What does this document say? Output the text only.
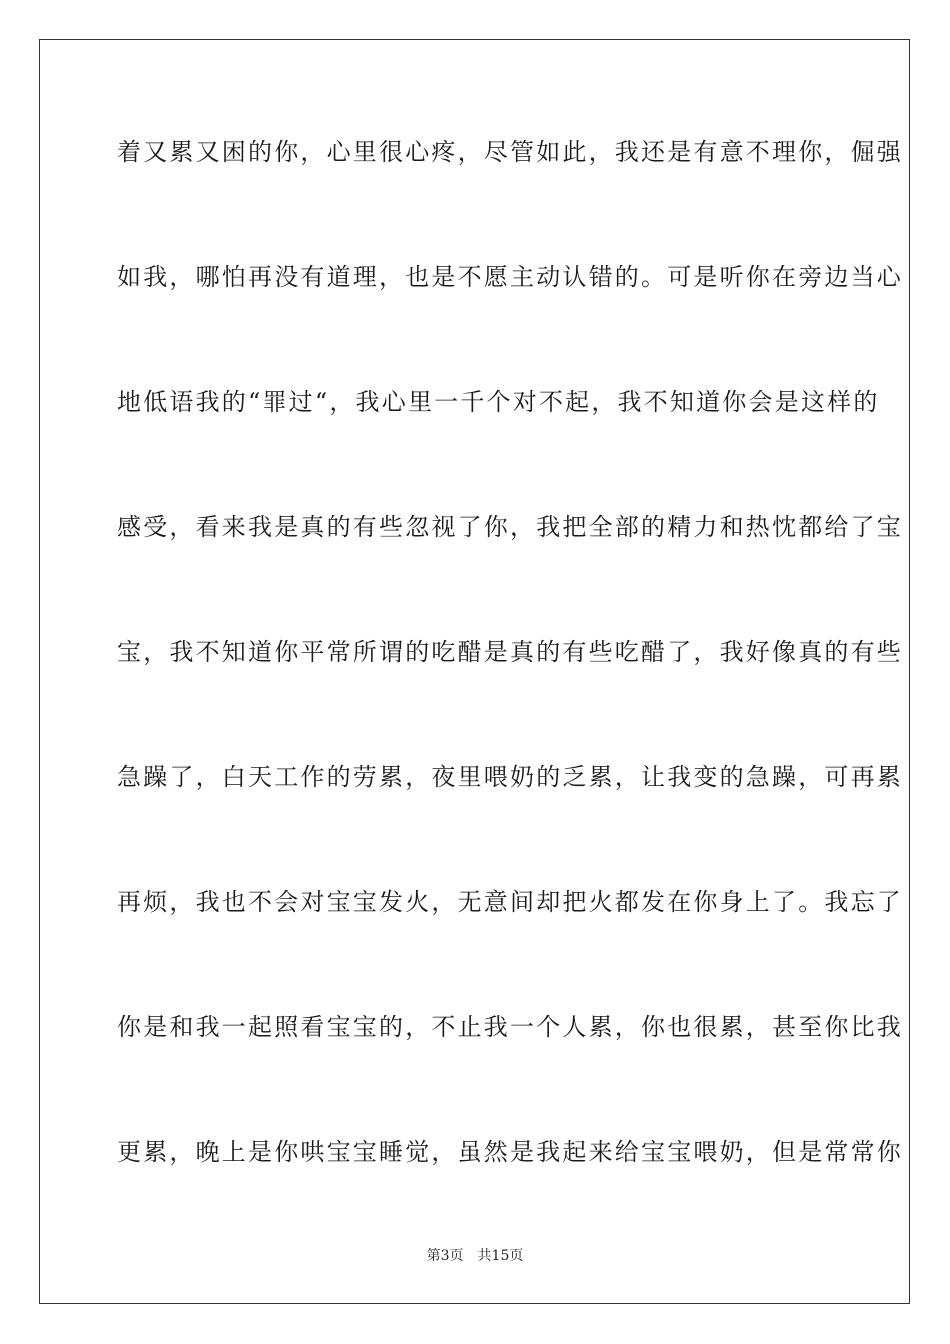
着又累又困的你，心里很心疼，尽管如此，我还是有意不理你，倔强
如我，哪怕再没有道理，也是不愿主动认错的。可是听你在旁边当心
地低语我的“罪过“，我心里一千个对不起，我不知道你会是这样的
感受，看来我是真的有些忽视了你，我把全部的精力和热忱都给了宝
宝，我不知道你平常所谓的吃醋是真的有些吃醋了，我好像真的有些
急躁了，白天工作的劳累，夜里喂奶的乏累，让我变的急躁，可再累
再烦，我也不会对宝宝发火，无意间却把火都发在你身上了。我忘了
你是和我一起照看宝宝的，不止我一个人累，你也很累，甚至你比我
更累，晚上是你哄宝宝睡觉，虽然是我起来给宝宝喂奶，但是常常你
第3页 共15页
